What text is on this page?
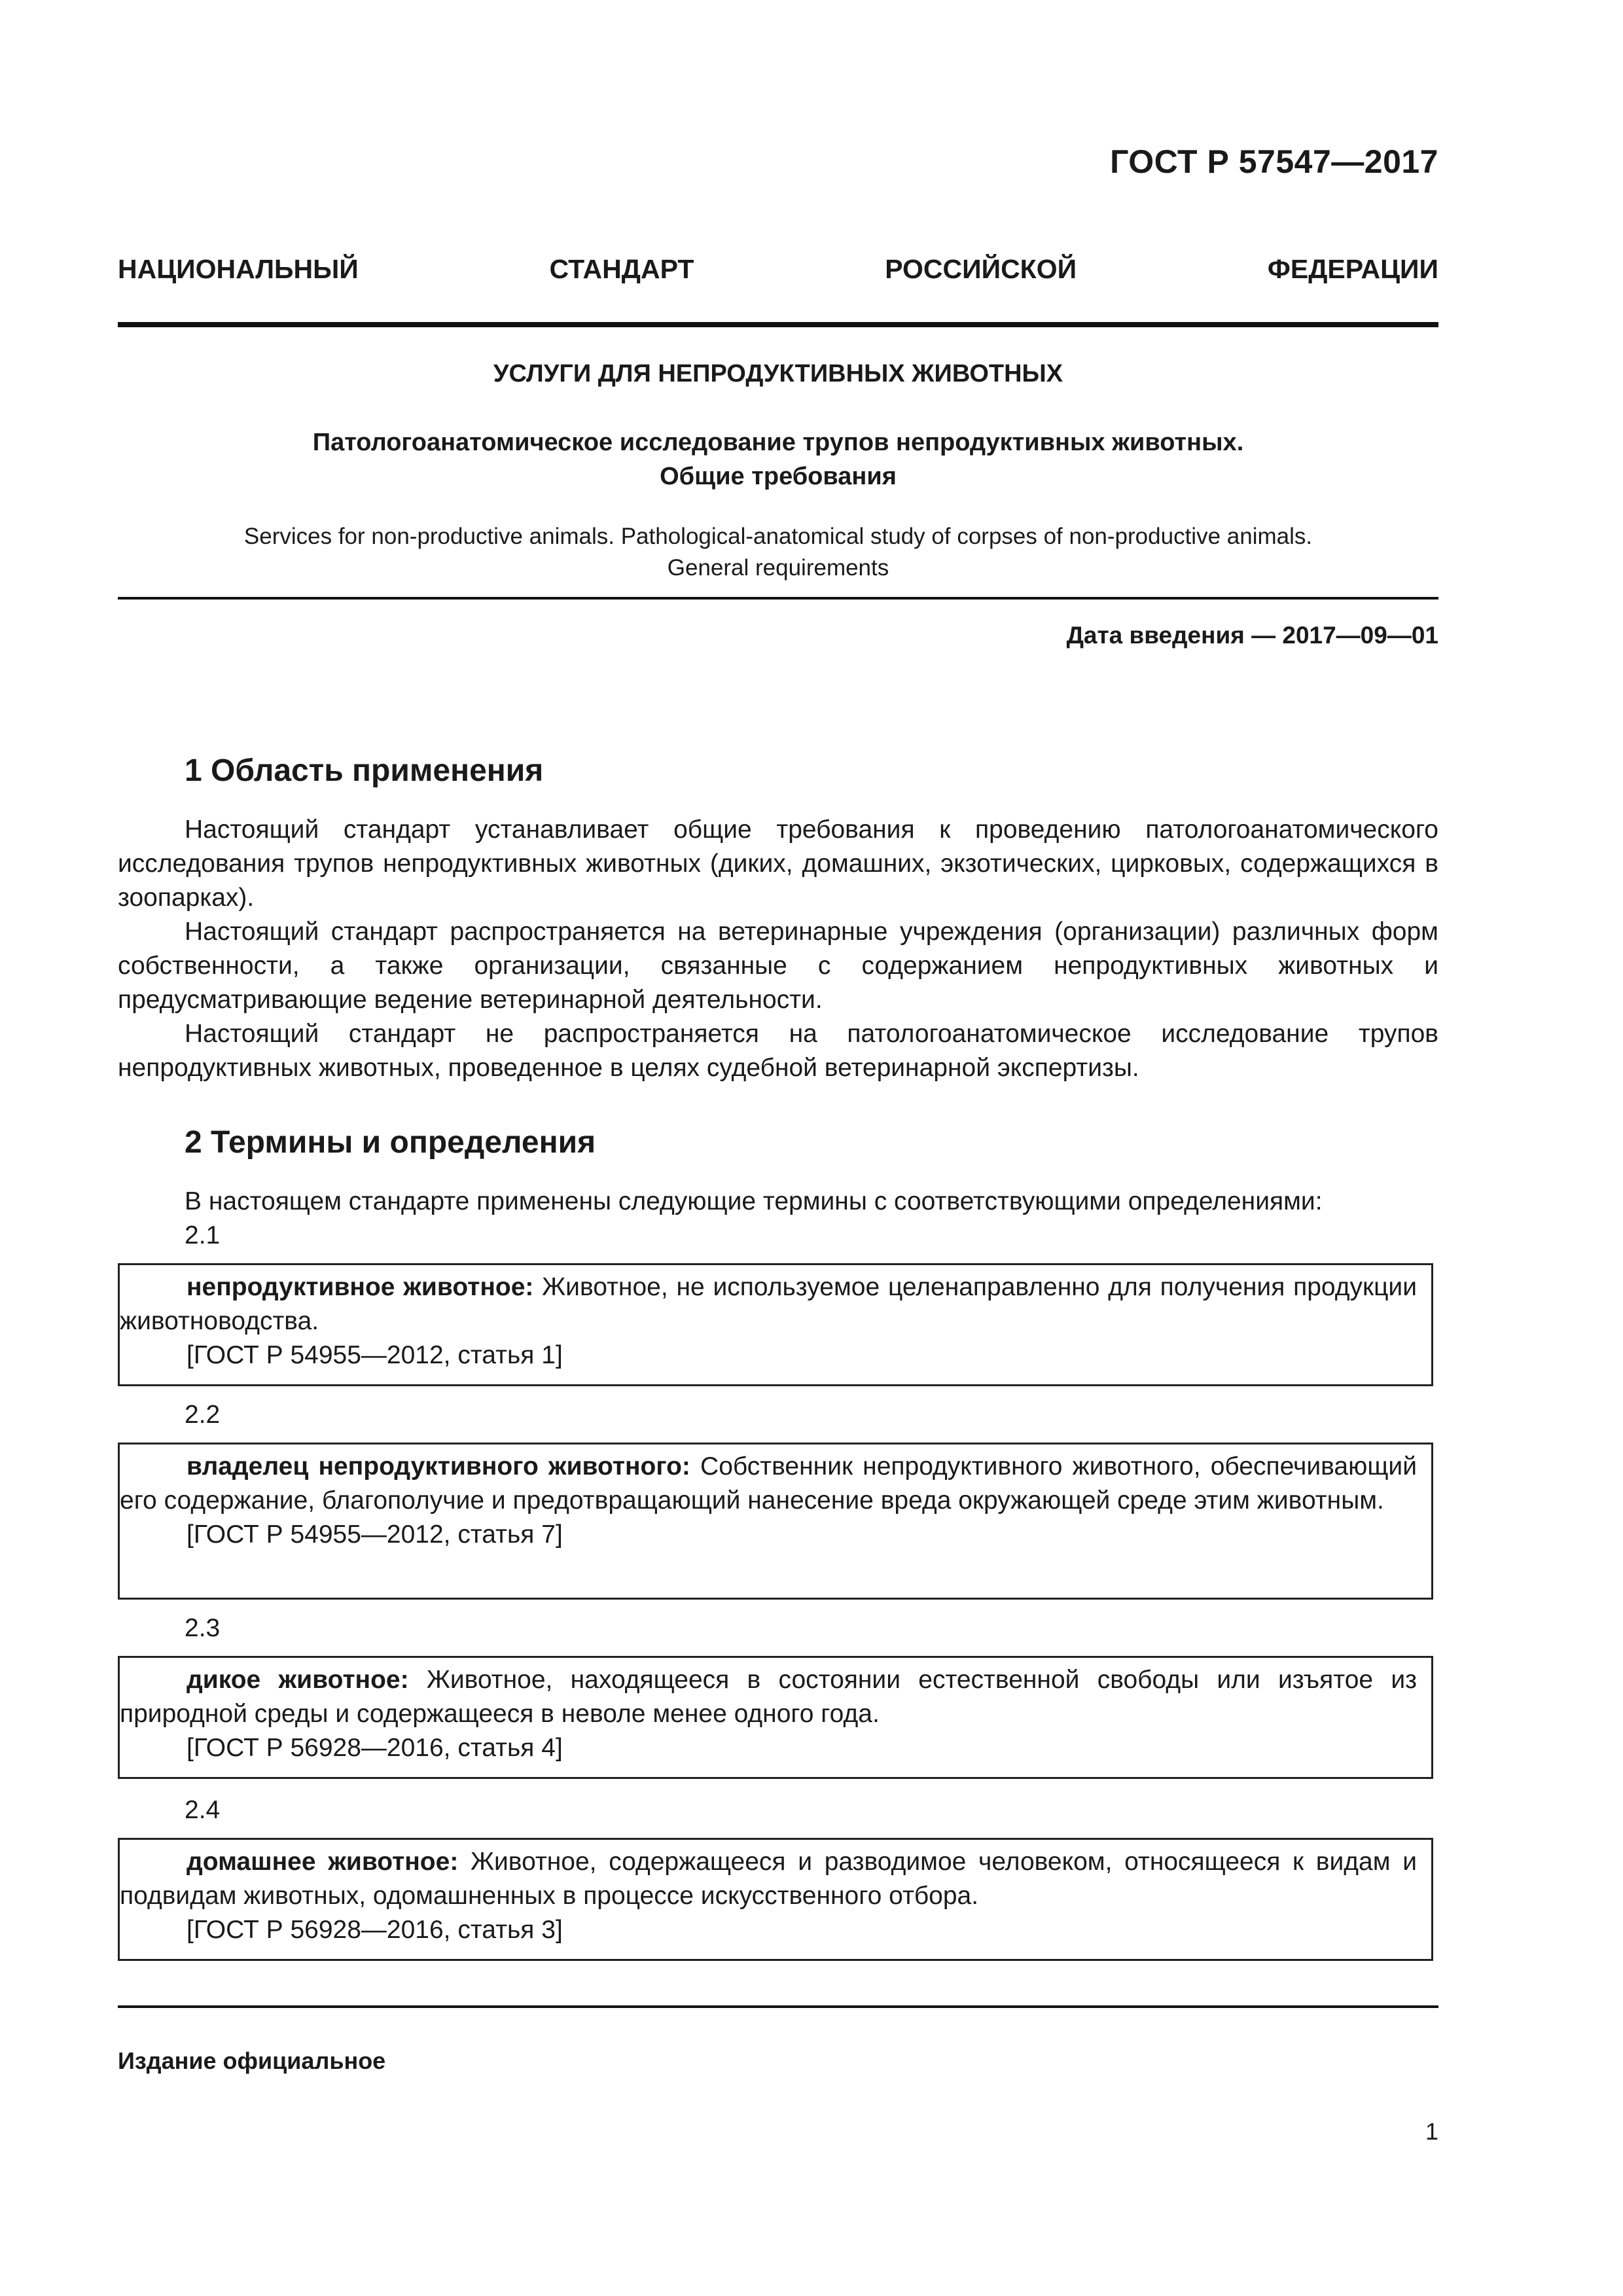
ГОСТ Р 57547—2017
НАЦИОНАЛЬНЫЙ СТАНДАРТ РОССИЙСКОЙ ФЕДЕРАЦИИ
УСЛУГИ ДЛЯ НЕПРОДУКТИВНЫХ ЖИВОТНЫХ
Патологоанатомическое исследование трупов непродуктивных животных.
Общие требования
Services for non-productive animals. Pathological-anatomical study of corpses of non-productive animals.
General requirements
Дата введения — 2017—09—01
1 Область применения

Настоящий стандарт устанавливает общие требования к проведению патологоанатомического исследования трупов непродуктивных животных (диких, домашних, экзотических, цирковых, содержащихся в зоопарках).

Настоящий стандарт распространяется на ветеринарные учреждения (организации) различных форм собственности, а также организации, связанные с содержанием непродуктивных животных и предусматривающие ведение ветеринарной деятельности.

Настоящий стандарт не распространяется на патологоанатомическое исследование трупов непродуктивных животных, проведенное в целях судебной ветеринарной экспертизы.

2 Термины и определения

В настоящем стандарте применены следующие термины с соответствующими определениями:

2.1

непродуктивное животное: Животное, не используемое целенаправленно для получения продукции животноводства.

[ГОСТ Р 54955—2012, статья 1]

2.2

владелец непродуктивного животного: Собственник непродуктивного животного, обеспечивающий его содержание, благополучие и предотвращающий нанесение вреда окружающей среде этим животным.

[ГОСТ Р 54955—2012, статья 7]

2.3

дикое животное: Животное, находящееся в состоянии естественной свободы или изъятое из природной среды и содержащееся в неволе менее одного года.

[ГОСТ Р 56928—2016, статья 4]

2.4

домашнее животное: Животное, содержащееся и разводимое человеком, относящееся к видам и подвидам животных, одомашненных в процессе искусственного отбора.

[ГОСТ Р 56928—2016, статья 3]

Издание официальное
1
